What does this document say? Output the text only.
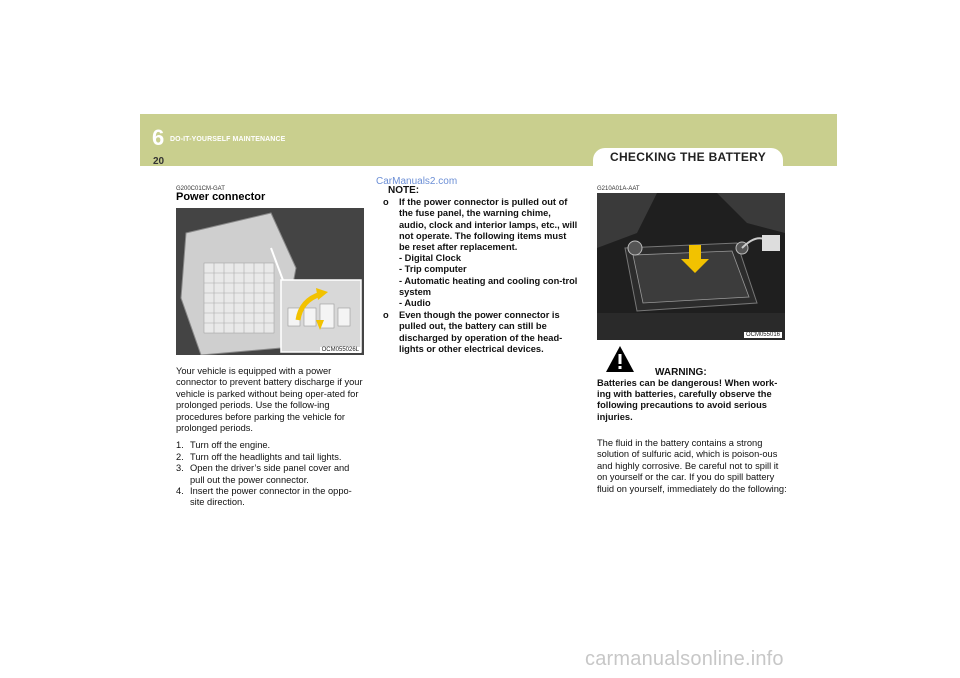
6 DO-IT-YOURSELF MAINTENANCE
20	CHECKING THE BATTERY
G200C01CM-GAT
Power connector
OCM055026L

Your vehicle is equipped with a power connector to prevent battery discharge if your vehicle is parked without being oper-ated for prolonged periods. Use the follow-ing procedures before parking the vehicle for prolonged periods.

1. Turn off the engine.
2. Turn off the headlights and tail lights.
3. Open the driver’s side panel cover and pull out the power connector.
4. Insert the power connector in the oppo-site direction.
CarManuals2.com
NOTE:
o If the power connector is pulled out of the fuse panel, the warning chime, audio, clock and interior lamps, etc., will not operate. The following items must be reset after replacement.
- Digital Clock
- Trip computer
- Automatic heating and cooling con-trol system
- Audio
o Even though the power connector is pulled out, the battery can still be discharged by operation of the head-lights or other electrical devices.
G210A01A-AAT
OCM055016
WARNING:
Batteries can be dangerous! When work-ing with batteries, carefully observe the following precautions to avoid serious injuries.
The fluid in the battery contains a strong solution of sulfuric acid, which is poison-ous and highly corrosive. Be careful not to spill it on yourself or the car. If you do spill battery fluid on yourself, immediately do the following:
carmanualsonline.info
